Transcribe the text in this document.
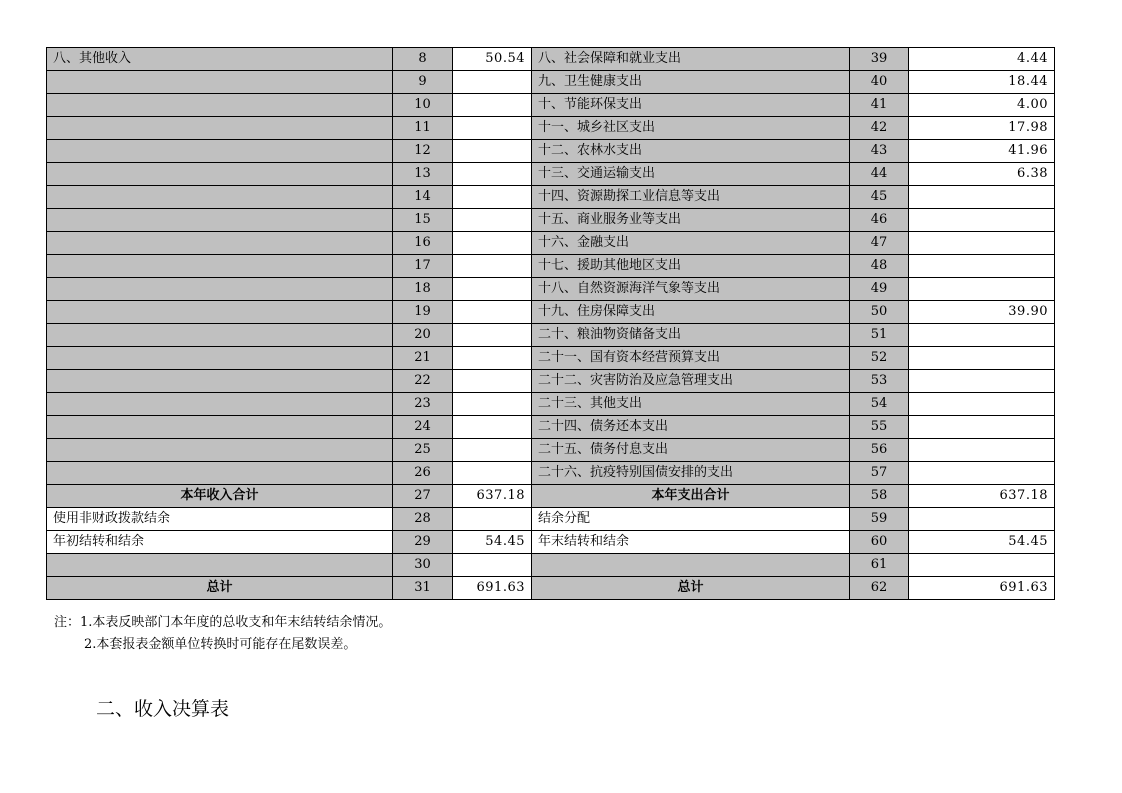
八、其他收入	8	50.54	八、社会保障和就业支出	39	4.44
	9		九、卫生健康支出	40	18.44
	10		十、节能环保支出	41	4.00
	11		十一、城乡社区支出	42	17.98
	12		十二、农林水支出	43	41.96
	13		十三、交通运输支出	44	6.38
	14		十四、资源勘探工业信息等支出	45	
	15		十五、商业服务业等支出	46	
	16		十六、金融支出	47	
	17		十七、援助其他地区支出	48	
	18		十八、自然资源海洋气象等支出	49	
	19		十九、住房保障支出	50	39.90
	20		二十、粮油物资储备支出	51	
	21		二十一、国有资本经营预算支出	52	
	22		二十二、灾害防治及应急管理支出	53	
	23		二十三、其他支出	54	
	24		二十四、债务还本支出	55	
	25		二十五、债务付息支出	56	
	26		二十六、抗疫特别国债安排的支出	57	
本年收入合计	27	637.18	本年支出合计	58	637.18
使用非财政拨款结余	28		结余分配	59	
年初结转和结余	29	54.45	年末结转和结余	60	54.45
	30			61	
总计	31	691.63	总计	62	691.63
注：1.本表反映部门本年度的总收支和年末结转结余情况。
2.本套报表金额单位转换时可能存在尾数误差。
二、收入决算表
